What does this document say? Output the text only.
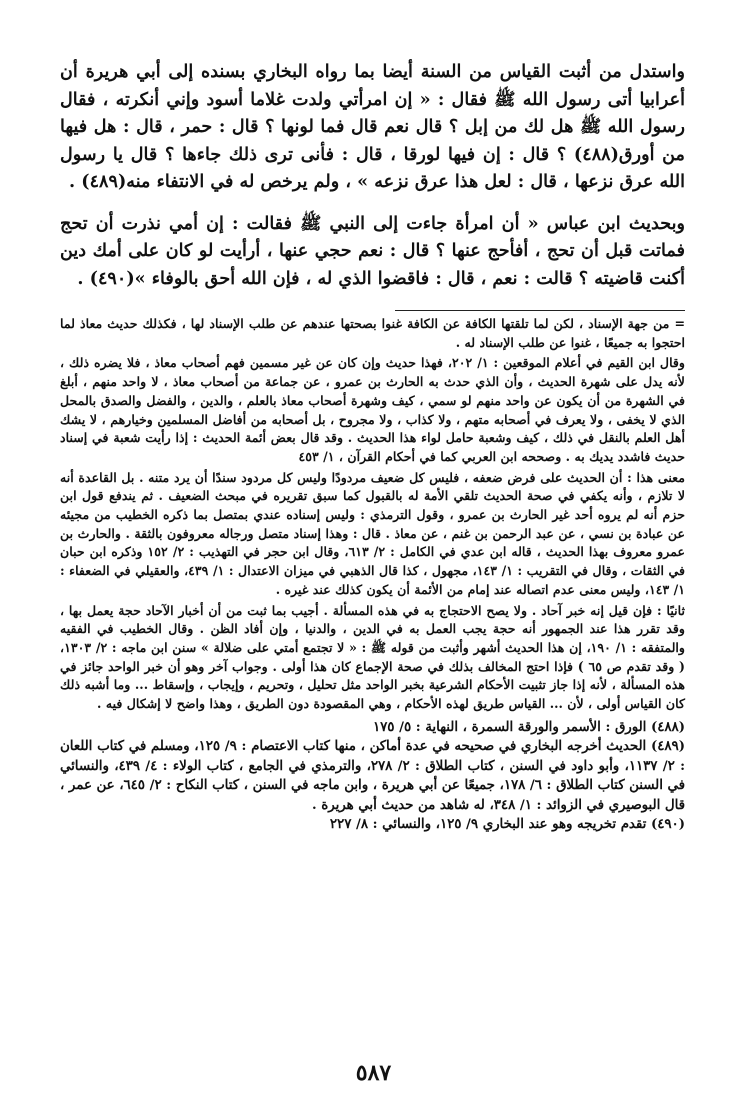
واستدل من أثبت القياس من السنة أيضا بما رواه البخاري بسنده إلى أبي هريرة أن أعرابيا أتى رسول الله ﷺ فقال : « إن امرأتي ولدت غلاما أسود وإني أنكرته ، فقال رسول الله ﷺ هل لك من إبل ؟ قال نعم قال فما لونها ؟ قال : حمر ، قال : هل فيها من أورق(٤٨٨) ؟ قال : إن فيها لورقا ، قال : فأنى ترى ذلك جاءها ؟ قال يا رسول الله عرق نزعها ، قال : لعل هذا عرق نزعه » ، ولم يرخص له في الانتفاء منه(٤٨٩) .

وبحديث ابن عباس « أن امرأة جاءت إلى النبي ﷺ فقالت : إن أمي نذرت أن تحج فماتت قبل أن تحج ، أفأحج عنها ؟ قال : نعم حجي عنها ، أرأيت لو كان على أمك دين أكنت قاضيته ؟ قالت : نعم ، قال : فاقضوا الذي له ، فإن الله أحق بالوفاء »(٤٩٠) .

= من جهة الإسناد ، لكن لما تلقتها الكافة عن الكافة غنوا بصحتها عندهم عن طلب الإسناد لها ، فكذلك حديث معاذ لما احتجوا به جميعًا ، غنوا عن طلب الإسناد له .

وقال ابن القيم في أعلام الموقعين : ١/ ٢٠٢، فهذا حديث وإن كان عن غير مسمين فهم أصحاب معاذ ، فلا يضره ذلك ، لأنه يدل على شهرة الحديث ، وأن الذي حدث به الحارث بن عمرو ، عن جماعة من أصحاب معاذ ، لا واحد منهم ، أبلغ في الشهرة من أن يكون عن واحد منهم لو سمي ، كيف وشهرة أصحاب معاذ بالعلم ، والدين ، والفضل والصدق بالمحل الذي لا يخفى ، ولا يعرف في أصحابه متهم ، ولا كذاب ، ولا مجروح ، بل أصحابه من أفاضل المسلمين وخيارهم ، لا يشك أهل العلم بالنقل في ذلك ، كيف وشعبة حامل لواء هذا الحديث . وقد قال بعض أئمة الحديث : إذا رأيت شعبة في إسناد حديث فاشدد يديك به . وصححه ابن العربي كما في أحكام القرآن ، ١/ ٤٥٣

معنى هذا : أن الحديث على فرض ضعفه ، فليس كل ضعيف مردودًا وليس كل مردود سندًا أن يرد متنه . بل القاعدة أنه لا تلازم ، وأنه يكفي في صحة الحديث تلقي الأمة له بالقبول كما سبق تقريره في مبحث الضعيف . ثم يندفع قول ابن حزم أنه لم يروه أحد غير الحارث بن عمرو ، وقول الترمذي : وليس إسناده عندي بمتصل بما ذكره الخطيب من مجيئه عن عبادة بن نسي ، عن عبد الرحمن بن غنم ، عن معاذ . قال : وهذا إسناد متصل ورجاله معروفون بالثقة . والحارث بن عمرو معروف بهذا الحديث ، قاله ابن عدي في الكامل : ٢/ ٦١٣، وقال ابن حجر في التهذيب : ٢/ ١٥٢ وذكره ابن حبان في الثقات ، وقال في التقريب : ١/ ١٤٣، مجهول ، كذا قال الذهبي في ميزان الاعتدال : ١/ ٤٣٩، والعقيلي في الضعفاء : ١/ ١٤٣، وليس معنى عدم اتصاله عند إمام من الأئمة أن يكون كذلك عند غيره .

ثانيًا : فإن قيل إنه خبر آحاد . ولا يصح الاحتجاج به في هذه المسألة . أجيب بما ثبت من أن أخبار الآحاد حجة يعمل بها ، وقد تقرر هذا عند الجمهور أنه حجة يجب العمل به في الدين ، والدنيا ، وإن أفاد الظن . وقال الخطيب في الفقيه والمتفقه : ١/ ١٩٠، إن هذا الحديث أشهر وأثبت من قوله ﷺ : « لا تجتمع أمتي على ضلالة » سنن ابن ماجه : ٢/ ١٣٠٣، ( وقد تقدم ص ٦٥ ) فإذا احتج المخالف بذلك في صحة الإجماع كان هذا أولى . وجواب آخر وهو أن خبر الواحد جائز في هذه المسألة ، لأنه إذا جاز تثبيت الأحكام الشرعية بخبر الواحد مثل تحليل ، وتحريم ، وإيجاب ، وإسقاط ... وما أشبه ذلك كان القياس أولى ، لأن ... القياس طريق لهذه الأحكام ، وهي المقصودة دون الطريق ، وهذا واضح لا إشكال فيه .

(٤٨٨) الورق : الأسمر والورقة السمرة ، النهاية : ٥/ ١٧٥

(٤٨٩) الحديث أخرجه البخاري في صحيحه في عدة أماكن ، منها كتاب الاعتصام : ٩/ ١٢٥، ومسلم في كتاب اللعان : ٢/ ١١٣٧، وأبو داود في السنن ، كتاب الطلاق : ٢/ ٢٧٨، والترمذي في الجامع ، كتاب الولاء : ٤/ ٤٣٩، والنسائي في السنن كتاب الطلاق : ٦/ ١٧٨، جميعًا عن أبي هريرة ، وابن ماجه في السنن ، كتاب النكاح : ٢/ ٦٤٥، عن عمر ، قال البوصيري في الزوائد : ١/ ٣٤٨، له شاهد من حديث أبي هريرة .

(٤٩٠) تقدم تخريجه وهو عند البخاري ٩/ ١٢٥، والنسائي : ٨/ ٢٢٧

٥٨٧
